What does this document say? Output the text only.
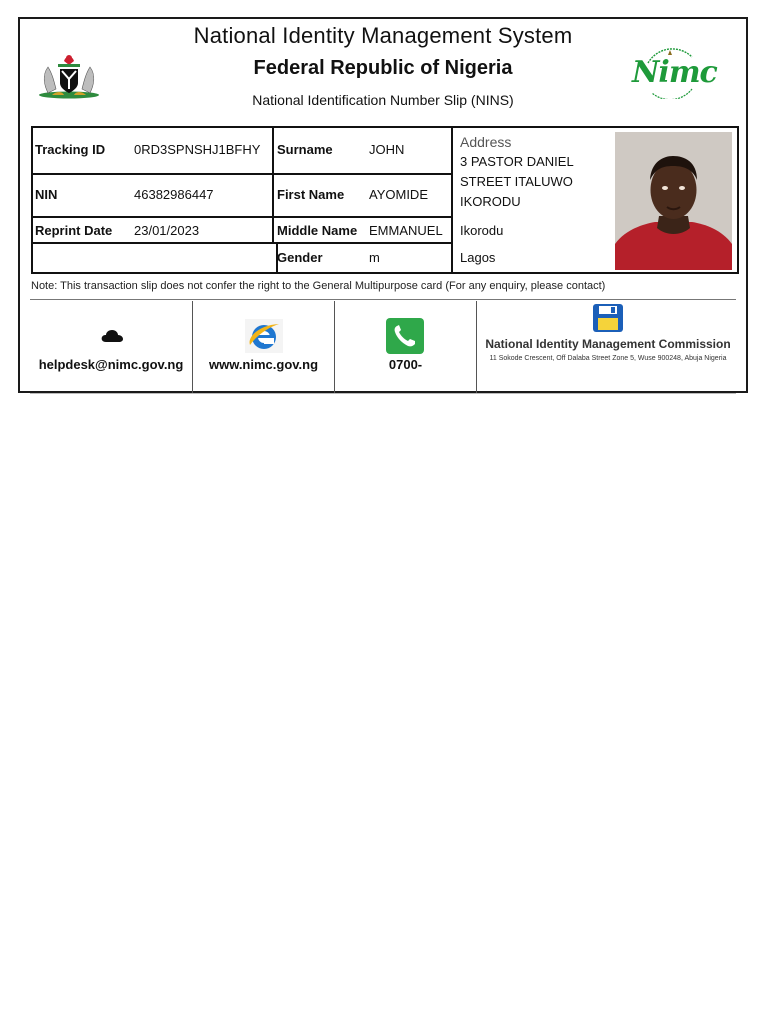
National Identity Management System
Federal Republic of Nigeria
National Identification Number Slip (NINS)
Nimc
Tracking ID 0RD3SPNSHJ1BFHY
NIN	46382986447
Reprint Date 23/01/2023
Surname	JOHN
First Name AYOMIDE
Middle Name EMMANUEL
Gender	m
Address
3 PASTOR DANIEL
STREET ITALUWO
IKORODU
Ikorodu
Lagos
Note: This transaction slip does not confer the right to the General Multipurpose card (For any enquiry, please contact)
helpdesk@nimc.gov.ng	www.nimc.gov.ng	0700-
National Identity Management Commission
11 Sokode Crescent, Off Dalaba Street Zone 5, Wuse 900248, Abuja Nigeria
